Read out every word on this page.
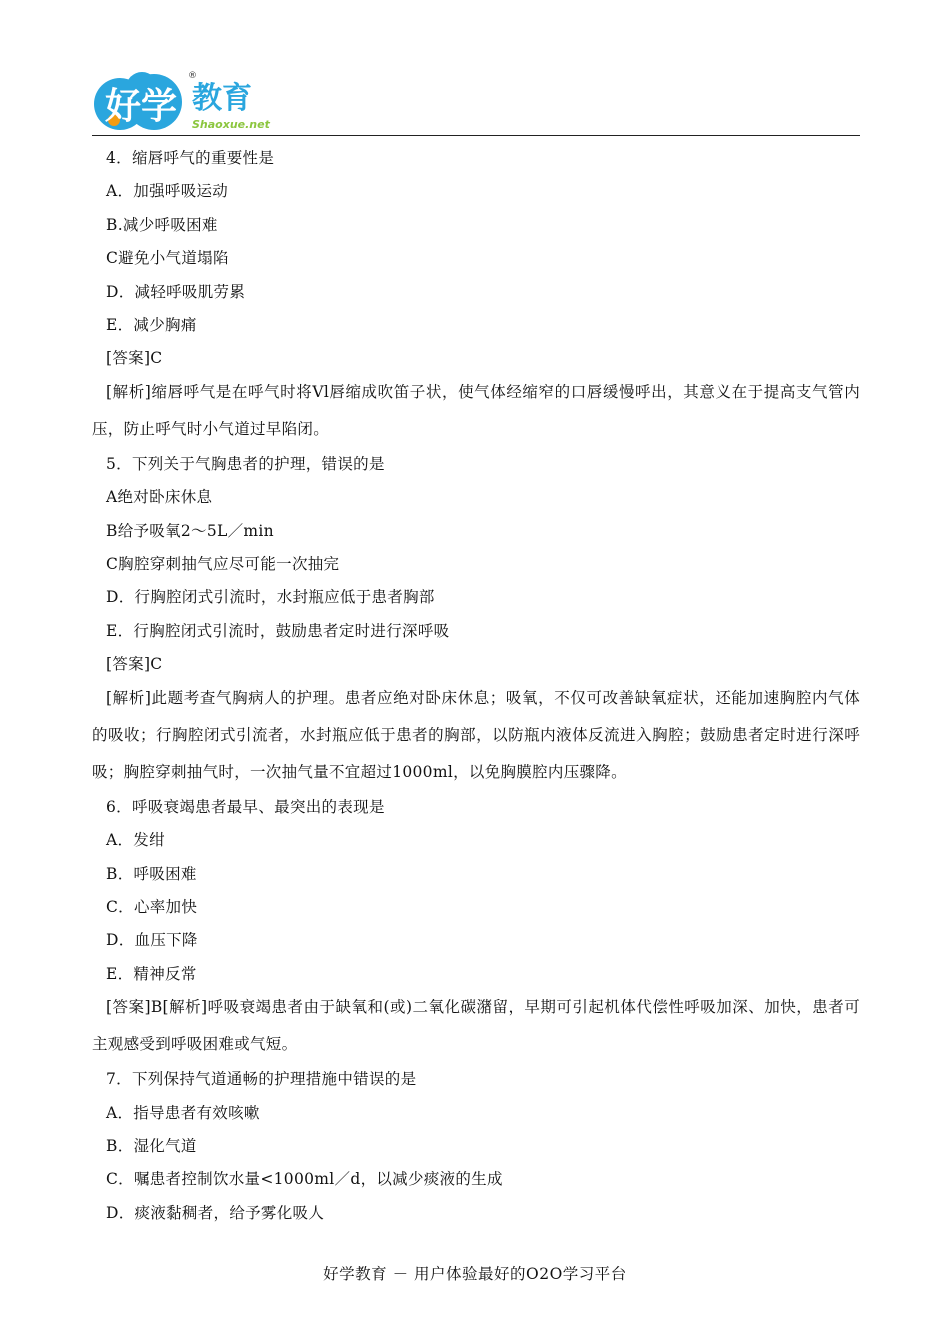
好学 教育
Shaoxue.net
®
4．缩唇呼气的重要性是
A．加强呼吸运动
B.减少呼吸困难
C避免小气道塌陷
D．减轻呼吸肌劳累
E．减少胸痛
[答案]C
[解析]缩唇呼气是在呼气时将Vl唇缩成吹笛子状，使气体经缩窄的口唇缓慢呼出，其意义在于提高支气管内压，防止呼气时小气道过早陷闭。
5．下列关于气胸患者的护理，错误的是
A绝对卧床休息
B给予吸氧2～5L／min
C胸腔穿刺抽气应尽可能一次抽完
D．行胸腔闭式引流时，水封瓶应低于患者胸部
E．行胸腔闭式引流时，鼓励患者定时进行深呼吸
[答案]C
[解析]此题考查气胸病人的护理。患者应绝对卧床休息；吸氧，不仅可改善缺氧症状，还能加速胸腔内气体的吸收；行胸腔闭式引流者，水封瓶应低于患者的胸部，以防瓶内液体反流进入胸腔；鼓励患者定时进行深呼吸；胸腔穿刺抽气时，一次抽气量不宜超过1000ml，以免胸膜腔内压骤降。
6．呼吸衰竭患者最早、最突出的表现是
A．发绀
B．呼吸困难
C．心率加快
D．血压下降
E．精神反常
[答案]B[解析]呼吸衰竭患者由于缺氧和(或)二氧化碳潴留，早期可引起机体代偿性呼吸加深、加快，患者可主观感受到呼吸困难或气短。
7．下列保持气道通畅的护理措施中错误的是
A．指导患者有效咳嗽
B．湿化气道
C．嘱患者控制饮水量<1000ml／d，以减少痰液的生成
D．痰液黏稠者，给予雾化吸人
好学教育 － 用户体验最好的O2O学习平台
